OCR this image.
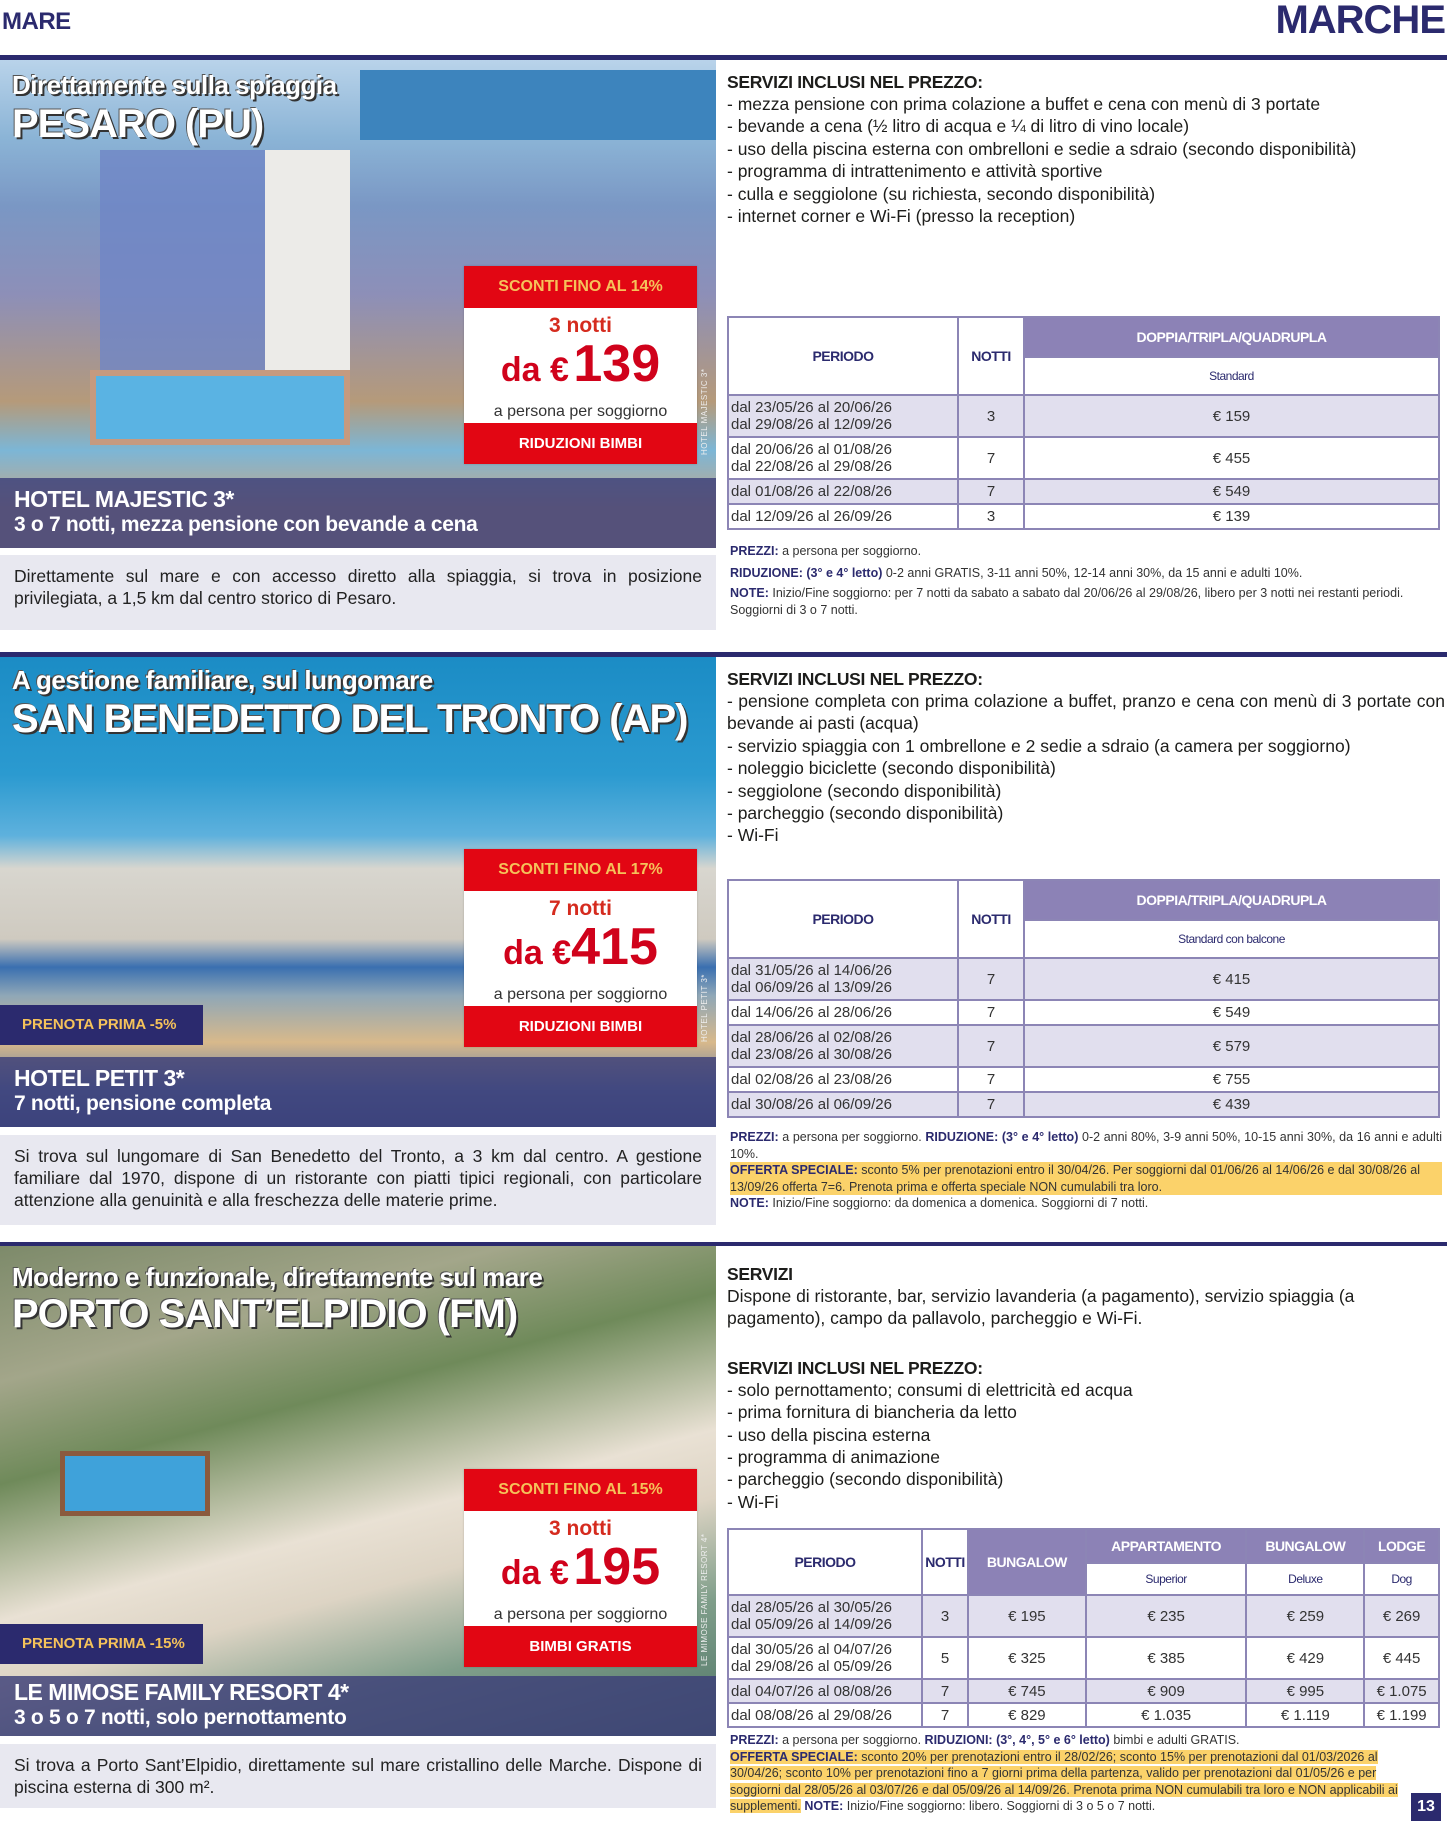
MARE	MARCHE
Direttamente sulla spiaggia
PESARO (PU)
SCONTI FINO AL 14%
3 notti
da € 139
a persona per soggiorno
RIDUZIONI BIMBI	HOTEL MAJESTIC 3*
HOTEL MAJESTIC 3*
3 o 7 notti, mezza pensione con bevande a cena
Direttamente sul mare e con accesso diretto alla spiaggia, si trova in posizione privilegiata, a 1,5 km dal centro storico di Pesaro.
SERVIZI INCLUSI NEL PREZZO:
- mezza pensione con prima colazione a buffet e cena con menù di 3 portate
- bevande a cena (½ litro di acqua e ¼ di litro di vino locale)
- uso della piscina esterna con ombrelloni e sedie a sdraio (secondo disponibilità)
- programma di intrattenimento e attività sportive
- culla e seggiolone (su richiesta, secondo disponibilità)
- internet corner e Wi-Fi (presso la reception)
PERIODO	NOTTI	DOPPIA/TRIPLA/QUADRUPLA
		Standard

dal 23/05/26 al 20/06/26
dal 29/08/26 al 12/09/26	3	€ 159

dal 20/06/26 al 01/08/26
dal 22/08/26 al 29/08/26	7	€ 455
dal 01/08/26 al 22/08/26	7	€ 549
dal 12/09/26 al 26/09/26	3	€ 139
PREZZI: a persona per soggiorno.
RIDUZIONE: (3° e 4° letto) 0-2 anni GRATIS, 3-11 anni 50%, 12-14 anni 30%, da 15 anni e adulti 10%.
NOTE: Inizio/Fine soggiorno: per 7 notti da sabato a sabato dal 20/06/26 al 29/08/26, libero per 3 notti nei restanti periodi. Soggiorni di 3 o 7 notti.
A gestione familiare, sul lungomare
SAN BENEDETTO DEL TRONTO (AP)
SCONTI FINO AL 17%
7 notti
da €415
a persona per soggiorno
RIDUZIONI BIMBI
PRENOTA PRIMA -5%	HOTEL PETIT 3*
HOTEL PETIT 3*
7 notti, pensione completa
Si trova sul lungomare di San Benedetto del Tronto, a 3 km dal centro. A gestione familiare dal 1970, dispone di un ristorante con piatti tipici regionali, con particolare attenzione alla genuinità e alla freschezza delle materie prime.
SERVIZI INCLUSI NEL PREZZO:
- pensione completa con prima colazione a buffet, pranzo e cena con menù di 3 portate con bevande ai pasti (acqua)
- servizio spiaggia con 1 ombrellone e 2 sedie a sdraio (a camera per soggiorno)
- noleggio biciclette (secondo disponibilità)
- seggiolone (secondo disponibilità)
- parcheggio (secondo disponibilità)
- Wi-Fi
PERIODO	NOTTI	DOPPIA/TRIPLA/QUADRUPLA
		Standard con balcone

dal 31/05/26 al 14/06/26
dal 06/09/26 al 13/09/26	7	€ 415
dal 14/06/26 al 28/06/26	7	€ 549

dal 28/06/26 al 02/08/26
dal 23/08/26 al 30/08/26	7	€ 579
dal 02/08/26 al 23/08/26	7	€ 755
dal 30/08/26 al 06/09/26	7	€ 439
PREZZI: a persona per soggiorno. RIDUZIONE: (3° e 4° letto) 0-2 anni 80%, 3-9 anni 50%, 10-15 anni 30%, da 16 anni e adulti 10%.
OFFERTA SPECIALE: sconto 5% per prenotazioni entro il 30/04/26. Per soggiorni dal 01/06/26 al 14/06/26 e dal 30/08/26 al 13/09/26 offerta 7=6. Prenota prima e offerta speciale NON cumulabili tra loro.
NOTE: Inizio/Fine soggiorno: da domenica a domenica. Soggiorni di 7 notti.
Moderno e funzionale, direttamente sul mare
PORTO SANT’ELPIDIO (FM)
SCONTI FINO AL 15%
3 notti
da € 195
a persona per soggiorno
BIMBI GRATIS
PRENOTA PRIMA -15%	LE MIMOSE FAMILY RESORT 4*
LE MIMOSE FAMILY RESORT 4*
3 o 5 o 7 notti, solo pernottamento
Si trova a Porto Sant’Elpidio, direttamente sul mare cristallino delle Marche. Dispone di piscina esterna di 300 m².
SERVIZI
Dispone di ristorante, bar, servizio lavanderia (a pagamento), servizio spiaggia (a pagamento), campo da pallavolo, parcheggio e Wi-Fi.
SERVIZI INCLUSI NEL PREZZO:
- solo pernottamento; consumi di elettricità ed acqua
- prima fornitura di biancheria da letto
- uso della piscina esterna
- programma di animazione
- parcheggio (secondo disponibilità)
- Wi-Fi
PERIODO	NOTTI	BUNGALOW	APPARTAMENTO	BUNGALOW	LODGE
			Superior	Deluxe	Dog

dal 28/05/26 al 30/05/26
dal 05/09/26 al 14/09/26	3	€ 195	€ 235	€ 259	€ 269

dal 30/05/26 al 04/07/26
dal 29/08/26 al 05/09/26	5	€ 325	€ 385	€ 429	€ 445
dal 04/07/26 al 08/08/26	7	€ 745	€ 909	€ 995	€ 1.075
dal 08/08/26 al 29/08/26	7	€ 829	€ 1.035	€ 1.119	€ 1.199
PREZZI: a persona per soggiorno. RIDUZIONI: (3°, 4°, 5° e 6° letto) bimbi e adulti GRATIS.
OFFERTA SPECIALE: sconto 20% per prenotazioni entro il 28/02/26; sconto 15% per prenotazioni dal 01/03/2026 al 30/04/26; sconto 10% per prenotazioni fino a 7 giorni prima della partenza, valido per prenotazioni dal 01/05/26 e per soggiorni dal 28/05/26 al 03/07/26 e dal 05/09/26 al 14/09/26. Prenota prima NON cumulabili tra loro e NON applicabili ai supplementi. NOTE: Inizio/Fine soggiorno: libero. Soggiorni di 3 o 5 o 7 notti.	13
